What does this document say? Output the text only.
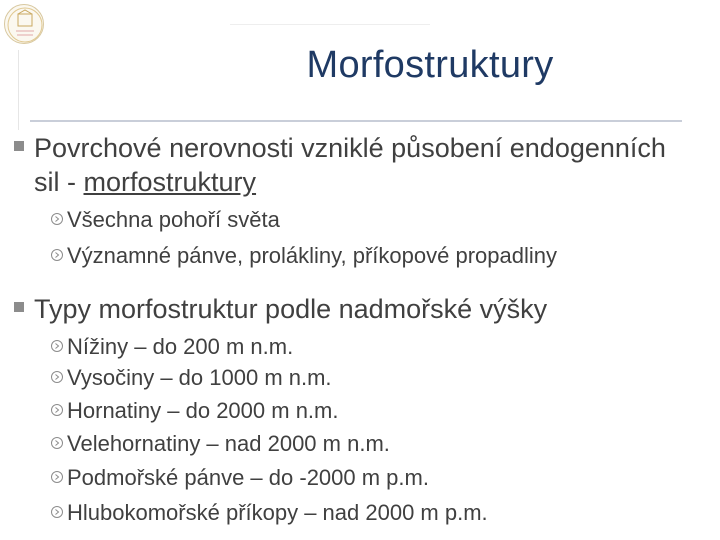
Morfostruktury
Povrchové nerovnosti vzniklé působení endogenních sil - morfostruktury
Všechna pohoří světa
Významné pánve, prolákliny, příkopové propadliny
Typy morfostruktur podle nadmořské výšky
Nížiny – do 200 m n.m.
Vysočiny – do 1000 m n.m.
Hornatiny – do 2000 m n.m.
Velehornatiny – nad 2000 m n.m.
Podmořské pánve – do -2000 m p.m.
Hlubokomořské příkopy – nad 2000 m p.m.
